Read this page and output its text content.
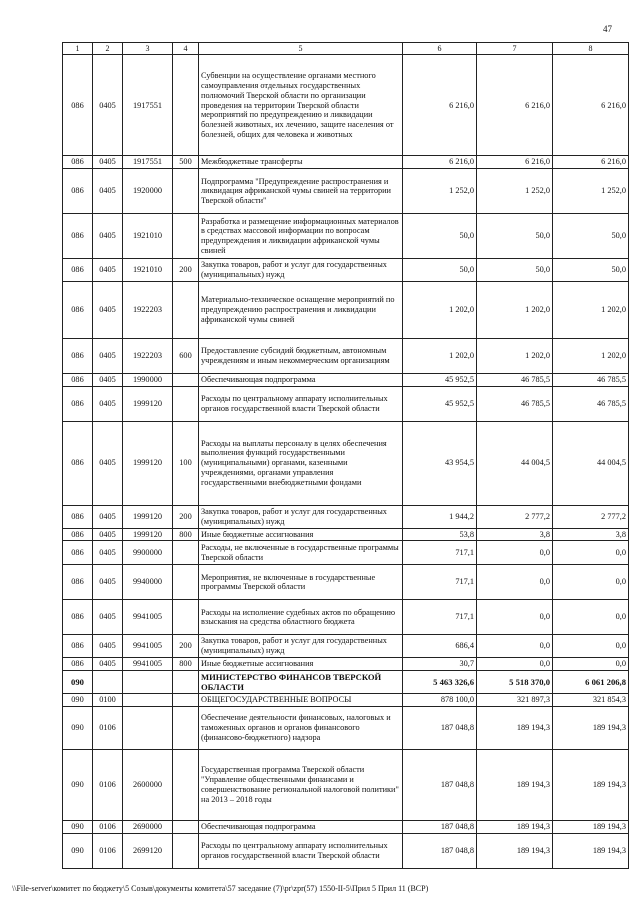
47
1	2	3	4	5	6	7	8
086	0405	1917551		Субвенции на осуществление органами местного самоуправления отдельных государственных полномочий Тверской области по организации проведения на территории Тверской области мероприятий по предупреждению и ликвидации болезней животных, их лечению, защите населения от болезней, общих для человека и животных	6 216,0	6 216,0	6 216,0
086	0405	1917551	500	Межбюджетные трансферты	6 216,0	6 216,0	6 216,0
086	0405	1920000		Подпрограмма "Предупреждение распространения и ликвидация африканской чумы свиней на территории Тверской области"	1 252,0	1 252,0	1 252,0
086	0405	1921010		Разработка и размещение информационных материалов в средствах массовой информации по вопросам предупреждения и ликвидации африканской чумы свиней	50,0	50,0	50,0
086	0405	1921010	200	Закупка товаров, работ и услуг для государственных (муниципальных) нужд	50,0	50,0	50,0
086	0405	1922203		Материально-техническое оснащение мероприятий по предупреждению распространения и ликвидации африканской чумы свиней	1 202,0	1 202,0	1 202,0
086	0405	1922203	600	Предоставление субсидий бюджетным, автономным учреждениям и иным некоммерческим организациям	1 202,0	1 202,0	1 202,0
086	0405	1990000		Обеспечивающая подпрограмма	45 952,5	46 785,5	46 785,5
086	0405	1999120		Расходы по центральному аппарату исполнительных органов государственной власти Тверской области	45 952,5	46 785,5	46 785,5
086	0405	1999120	100	Расходы на выплаты персоналу в целях обеспечения выполнения функций государственными (муниципальными) органами, казенными учреждениями, органами управления государственными внебюджетными фондами	43 954,5	44 004,5	44 004,5
086	0405	1999120	200	Закупка товаров, работ и услуг для государственных (муниципальных) нужд	1 944,2	2 777,2	2 777,2
086	0405	1999120	800	Иные бюджетные ассигнования	53,8	3,8	3,8
086	0405	9900000		Расходы, не включенные в государственные программы Тверской области	717,1	0,0	0,0
086	0405	9940000		Мероприятия, не включенные в государственные программы Тверской области	717,1	0,0	0,0
086	0405	9941005		Расходы на исполнение судебных актов по обращению взыскания на средства областного бюджета	717,1	0,0	0,0
086	0405	9941005	200	Закупка товаров, работ и услуг для государственных (муниципальных) нужд	686,4	0,0	0,0
086	0405	9941005	800	Иные бюджетные ассигнования	30,7	0,0	0,0
090				МИНИСТЕРСТВО ФИНАНСОВ ТВЕРСКОЙ ОБЛАСТИ	5 463 326,6	5 518 370,0	6 061 206,8
090	0100			ОБЩЕГОСУДАРСТВЕННЫЕ ВОПРОСЫ	878 100,0	321 897,3	321 854,3
090	0106			Обеспечение деятельности финансовых, налоговых и таможенных органов и органов финансового (финансово-бюджетного) надзора	187 048,8	189 194,3	189 194,3
090	0106	2600000		Государственная программа Тверской области "Управление общественными финансами и совершенствование региональной налоговой политики" на 2013 – 2018 годы	187 048,8	189 194,3	189 194,3
090	0106	2690000		Обеспечивающая подпрограмма	187 048,8	189 194,3	189 194,3
090	0106	2699120		Расходы по центральному аппарату исполнительных органов государственной власти Тверской области	187 048,8	189 194,3	189 194,3
\\File-server\комитет по бюджету\5 Созыв\документы комитета\57 заседание (7)\pr\zpr(57) 1550-II-5\Прил 5 Прил 11 (ВСР)
